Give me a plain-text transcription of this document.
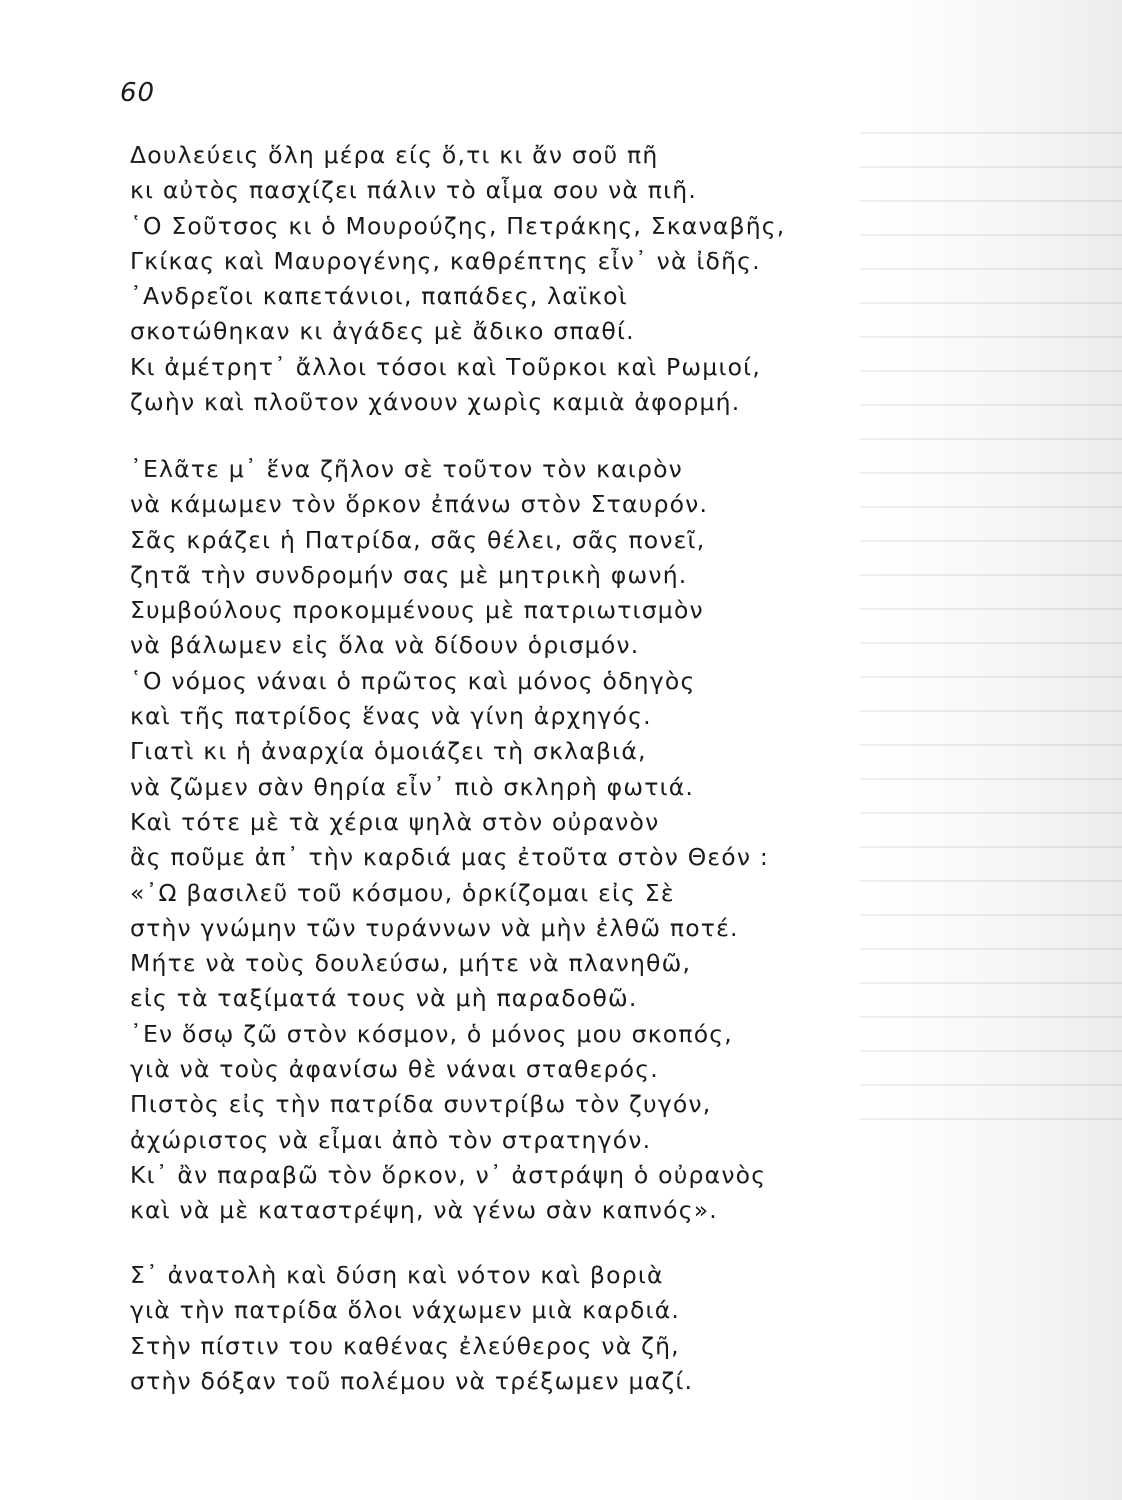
60
Δουλεύεις ὅλη μέρα είς ὅ,τι κι ἄν σοῦ πῆ
κι αὐτὸς πασχίζει πάλιν τὸ αἷμα σου νὰ πιῆ.
῾Ο Σοῦτσος κι ὁ Μουρούζης, Πετράκης, Σκαναβῆς,
Γκίκας καὶ Μαυρογένης, καθρέπτης εἶν᾽ νὰ ἰδῆς.
᾿Ανδρεῖοι καπετάνιοι, παπάδες, λαϊκοὶ
σκοτώθηκαν κι ἀγάδες μὲ ἄδικο σπαθί.
Κι ἀμέτρητ᾽ ἄλλοι τόσοι καὶ Τοῦρκοι καὶ Ρωμιοί,
ζωὴν καὶ πλοῦτον χάνουν χωρὶς καμιὰ ἀφορμή.
᾿Ελᾶτε μ᾽ ἕνα ζῆλον σὲ τοῦτον τὸν καιρὸν
νὰ κάμωμεν τὸν ὅρκον ἐπάνω στὸν Σταυρόν.
Σᾶς κράζει ἡ Πατρίδα, σᾶς θέλει, σᾶς πονεῖ,
ζητᾶ τὴν συνδρομήν σας μὲ μητρικὴ φωνή.
Συμβούλους προκομμένους μὲ πατριωτισμὸν
νὰ βάλωμεν εἰς ὅλα νὰ δίδουν ὁρισμόν.
῾Ο νόμος νάναι ὁ πρῶτος καὶ μόνος ὁδηγὸς
καὶ τῆς πατρίδος ἕνας νὰ γίνη ἀρχηγός.
Γιατὶ κι ἡ ἀναρχία ὁμοιάζει τὴ σκλαβιά,
νὰ ζῶμεν σὰν θηρία εἶν᾽ πιὸ σκληρὴ φωτιά.
Καὶ τότε μὲ τὰ χέρια ψηλὰ στὸν οὐρανὸν
ἂς ποῦμε ἀπ᾽ τὴν καρδιά μας ἐτοῦτα στὸν Θεόν :
«᾿Ω βασιλεῦ τοῦ κόσμου, ὁρκίζομαι εἰς Σὲ
στὴν γνώμην τῶν τυράννων νὰ μὴν ἐλθῶ ποτέ.
Μήτε νὰ τοὺς δουλεύσω, μήτε νὰ πλανηθῶ,
εἰς τὰ ταξίματά τους νὰ μὴ παραδοθῶ.
᾿Εν ὅσῳ ζῶ στὸν κόσμον, ὁ μόνος μου σκοπός,
γιὰ νὰ τοὺς ἀφανίσω θὲ νάναι σταθερός.
Πιστὸς εἰς τὴν πατρίδα συντρίβω τὸν ζυγόν,
ἀχώριστος νὰ εἶμαι ἀπὸ τὸν στρατηγόν.
Κι᾽ ἂν παραβῶ τὸν ὅρκον, ν᾽ ἀστράψη ὁ οὐρανὸς
καὶ νὰ μὲ καταστρέψη, νὰ γένω σὰν καπνός».
Σ᾽ ἀνατολὴ καὶ δύση καὶ νότον καὶ βοριὰ
γιὰ τὴν πατρίδα ὅλοι νάχωμεν μιὰ καρδιά.
Στὴν πίστιν του καθένας ἐλεύθερος νὰ ζῆ,
στὴν δόξαν τοῦ πολέμου νὰ τρέξωμεν μαζί.
